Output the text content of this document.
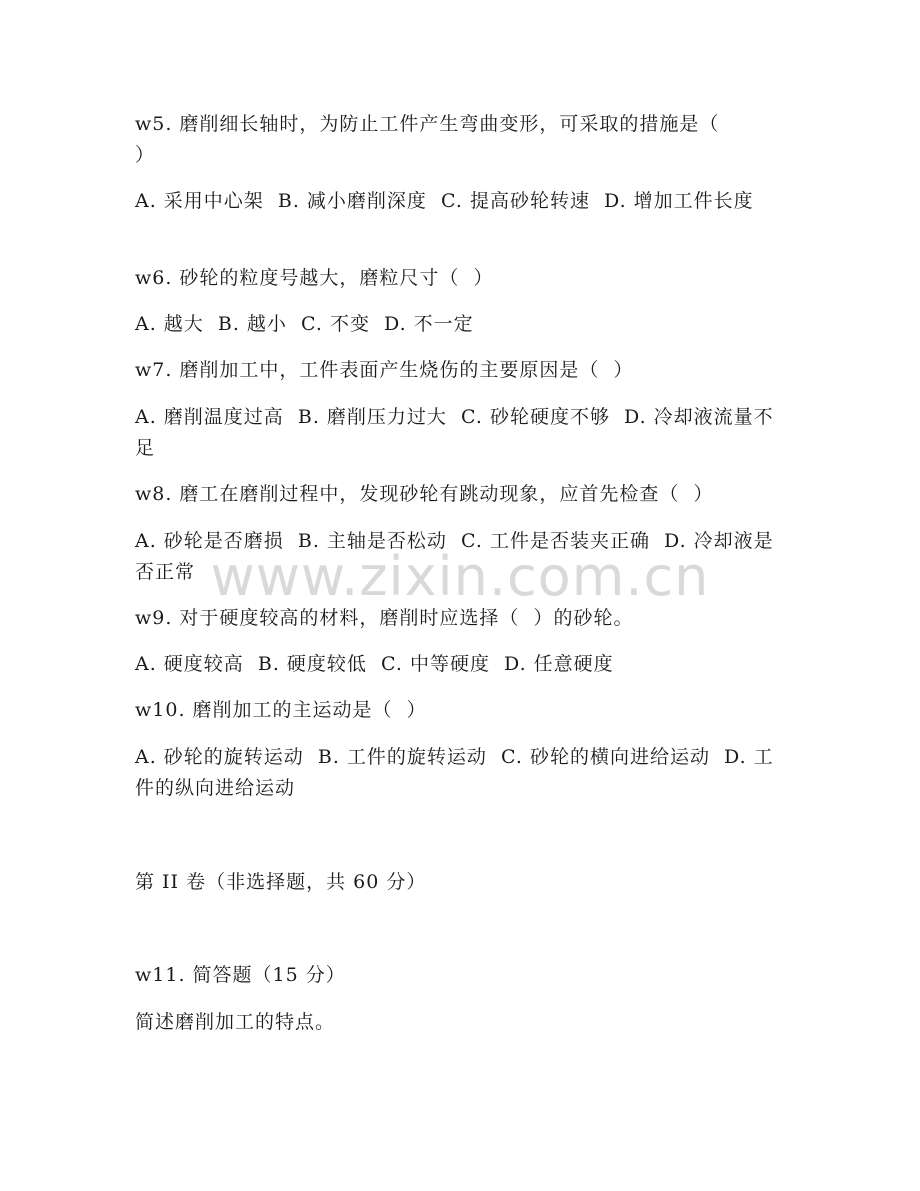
w5. 磨削细长轴时，为防止工件产生弯曲变形，可采取的措施是（
）
A. 采用中心架  B. 减小磨削深度  C. 提高砂轮转速  D. 增加工件长度
w6. 砂轮的粒度号越大，磨粒尺寸（  ）
A. 越大  B. 越小  C. 不变  D. 不一定
w7. 磨削加工中，工件表面产生烧伤的主要原因是（  ）
A. 磨削温度过高  B. 磨削压力过大  C. 砂轮硬度不够  D. 冷却液流量不足
w8. 磨工在磨削过程中，发现砂轮有跳动现象，应首先检查（  ）
A. 砂轮是否磨损  B. 主轴是否松动  C. 工件是否装夹正确  D. 冷却液是否正常
w9. 对于硬度较高的材料，磨削时应选择（  ）的砂轮。
A. 硬度较高  B. 硬度较低  C. 中等硬度  D. 任意硬度
w10. 磨削加工的主运动是（  ）
A. 砂轮的旋转运动  B. 工件的旋转运动  C. 砂轮的横向进给运动  D. 工件的纵向进给运动
第 II 卷（非选择题，共 60 分）
w11. 简答题（15 分）
简述磨削加工的特点。
www.zixin.com.cn
